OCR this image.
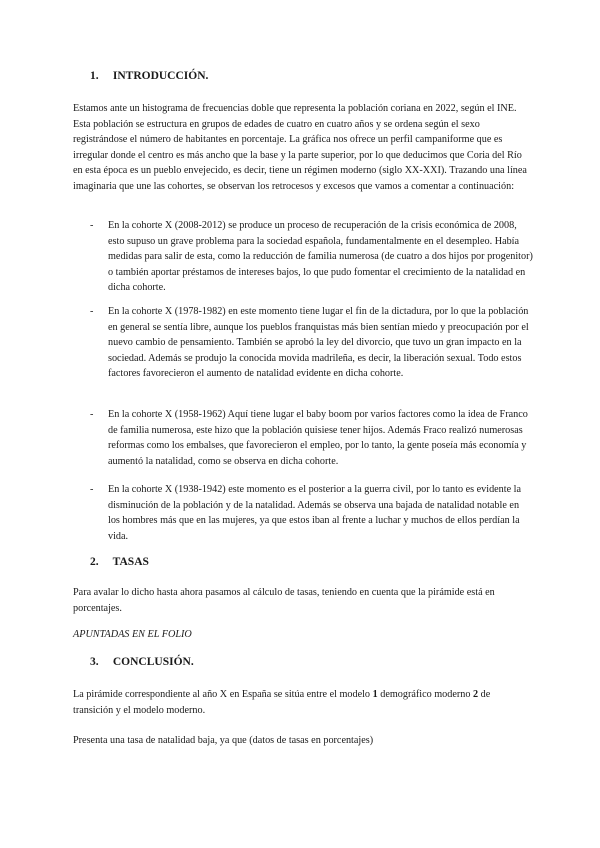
1. INTRODUCCIÓN.

Estamos ante un histograma de frecuencias doble que representa la población coriana en 2022, según el INE. Esta población se estructura en grupos de edades de cuatro en cuatro años y se ordena según el sexo registrándose el número de habitantes en porcentaje. La gráfica nos ofrece un perfil campaniforme que es irregular donde el centro es más ancho que la base y la parte superior, por lo que deducimos que Coria del Río en esta época es un pueblo envejecido, es decir, tiene un régimen moderno (siglo XX-XXI). Trazando una línea imaginaria que une las cohortes, se observan los retrocesos y excesos que vamos a comentar a continuación:

- En la cohorte X (2008-2012) se produce un proceso de recuperación de la crisis económica de 2008, esto supuso un grave problema para la sociedad española, fundamentalmente en el desempleo. Había medidas para salir de esta, como la reducción de familia numerosa (de cuatro a dos hijos por progenitor) o también aportar préstamos de intereses bajos, lo que pudo fomentar el crecimiento de la natalidad en dicha cohorte.

- En la cohorte X (1978-1982) en este momento tiene lugar el fin de la dictadura, por lo que la población en general se sentía libre, aunque los pueblos franquistas más bien sentían miedo y preocupación por el nuevo cambio de pensamiento. También se aprobó la ley del divorcio, que tuvo un gran impacto en la sociedad. Además se produjo la conocida movida madrileña, es decir, la liberación sexual. Todo estos factores favorecieron el aumento de natalidad evidente en dicha cohorte.

- En la cohorte X (1958-1962) Aquí tiene lugar el baby boom por varios factores como la idea de Franco de familia numerosa, este hizo que la población quisiese tener hijos. Además Fraco realizó numerosas reformas como los embalses, que favorecieron el empleo, por lo tanto, la gente poseía más economía y aumentó la natalidad, como se observa en dicha cohorte.

- En la cohorte X (1938-1942) este momento es el posterior a la guerra civil, por lo tanto es evidente la disminución de la población y de la natalidad. Además se observa una bajada de natalidad notable en los hombres más que en las mujeres, ya que estos iban al frente a luchar y muchos de ellos perdían la vida.

2. TASAS

Para avalar lo dicho hasta ahora pasamos al cálculo de tasas, teniendo en cuenta que la pirámide está en porcentajes.

APUNTADAS EN EL FOLIO

3. CONCLUSIÓN.

La pirámide correspondiente al año X en España se sitúa entre el modelo 1 demográfico moderno 2 de transición y el modelo moderno.

Presenta una tasa de natalidad baja, ya que (datos de tasas en porcentajes)
